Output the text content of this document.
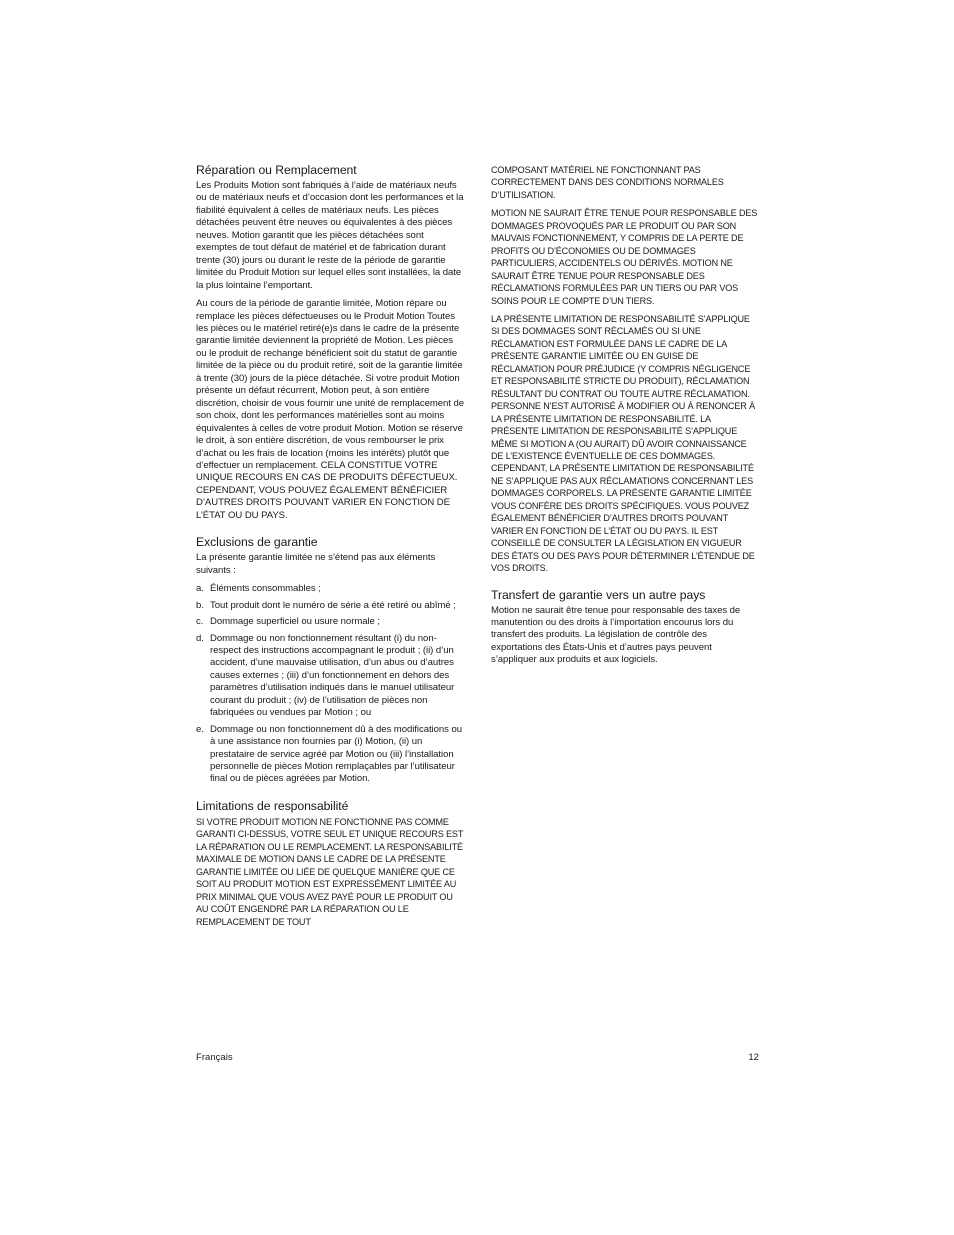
Réparation ou Remplacement

Les Produits Motion sont fabriqués à l’aide de matériaux neufs ou de matériaux neufs et d’occasion dont les performances et la fiabilité équivalent à celles de matériaux neufs. Les pièces détachées peuvent être neuves ou équivalentes à des pièces neuves. Motion garantit que les pièces détachées sont exemptes de tout défaut de matériel et de fabrication durant trente (30) jours ou durant le reste de la période de garantie limitée du Produit Motion sur lequel elles sont installées, la date la plus lointaine l’emportant.

Au cours de la période de garantie limitée, Motion répare ou remplace les pièces défectueuses ou le Produit Motion Toutes les pièces ou le matériel retiré(e)s dans le cadre de la présente garantie limitée deviennent la propriété de Motion. Les pièces ou le produit de rechange bénéficient soit du statut de garantie limitée de la pièce ou du produit retiré, soit de la garantie limitée à trente (30) jours de la pièce détachée. Si votre produit Motion présente un défaut récurrent, Motion peut, à son entière discrétion, choisir de vous fournir une unité de remplacement de son choix, dont les performances matérielles sont au moins équivalentes à celles de votre produit Motion. Motion se réserve le droit, à son entière discrétion, de vous rembourser le prix d’achat ou les frais de location (moins les intérêts) plutôt que d’effectuer un remplacement. CELA CONSTITUE VOTRE UNIQUE RECOURS EN CAS DE PRODUITS DÉFECTUEUX. CEPENDANT, VOUS POUVEZ ÉGALEMENT BÉNÉFICIER D’AUTRES DROITS POUVANT VARIER EN FONCTION DE L’ÉTAT OU DU PAYS.

Exclusions de garantie

La présente garantie limitée ne s’étend pas aux éléments suivants :

a. Éléments consommables ;
b. Tout produit dont le numéro de série a été retiré ou abîmé ;
c. Dommage superficiel ou usure normale ;
d. Dommage ou non fonctionnement résultant (i) du non-respect des instructions accompagnant le produit ; (ii) d’un accident, d’une mauvaise utilisation, d’un abus ou d’autres causes externes ; (iii) d’un fonctionnement en dehors des paramètres d’utilisation indiqués dans le manuel utilisateur courant du produit ; (iv) de l’utilisation de pièces non fabriquées ou vendues par Motion ; ou
e. Dommage ou non fonctionnement dû à des modifications ou à une assistance non fournies par (i) Motion, (ii) un prestataire de service agréé par Motion ou (iii) l’installation personnelle de pièces Motion remplaçables par l’utilisateur final ou de pièces agréées par Motion.
Limitations de responsabilité

SI VOTRE PRODUIT MOTION NE FONCTIONNE PAS COMME GARANTI CI-DESSUS, VOTRE SEUL ET UNIQUE RECOURS EST LA RÉPARATION OU LE REMPLACEMENT. LA RESPONSABILITÉ MAXIMALE DE MOTION DANS LE CADRE DE LA PRÉSENTE GARANTIE LIMITÉE OU LIÉE DE QUELQUE MANIÈRE QUE CE SOIT AU PRODUIT MOTION EST EXPRESSÉMENT LIMITÉE AU PRIX MINIMAL QUE VOUS AVEZ PAYÉ POUR LE PRODUIT OU AU COÛT ENGENDRÉ PAR LA RÉPARATION OU LE REMPLACEMENT DE TOUT

COMPOSANT MATÉRIEL NE FONCTIONNANT PAS CORRECTEMENT DANS DES CONDITIONS NORMALES D’UTILISATION.

MOTION NE SAURAIT ÊTRE TENUE POUR RESPONSABLE DES DOMMAGES PROVOQUÉS PAR LE PRODUIT OU PAR SON MAUVAIS FONCTIONNEMENT, Y COMPRIS DE LA PERTE DE PROFITS OU D’ÉCONOMIES OU DE DOMMAGES PARTICULIERS, ACCIDENTELS OU DÉRIVÉS. MOTION NE SAURAIT ÊTRE TENUE POUR RESPONSABLE DES RÉCLAMATIONS FORMULÉES PAR UN TIERS OU PAR VOS SOINS POUR LE COMPTE D’UN TIERS.

LA PRÉSENTE LIMITATION DE RESPONSABILITÉ S’APPLIQUE SI DES DOMMAGES SONT RÉCLAMÉS OU SI UNE RÉCLAMATION EST FORMULÉE DANS LE CADRE DE LA PRÉSENTE GARANTIE LIMITÉE OU EN GUISE DE RÉCLAMATION POUR PRÉJUDICE (Y COMPRIS NÉGLIGENCE ET RESPONSABILITÉ STRICTE DU PRODUIT), RÉCLAMATION RÉSULTANT DU CONTRAT OU TOUTE AUTRE RÉCLAMATION. PERSONNE N’EST AUTORISÉ À MODIFIER OU À RENONCER À LA PRÉSENTE LIMITATION DE RESPONSABILITÉ. LA PRÉSENTE LIMITATION DE RESPONSABILITÉ S’APPLIQUE MÊME SI MOTION A (OU AURAIT) DÛ AVOIR CONNAISSANCE DE L’EXISTENCE ÉVENTUELLE DE CES DOMMAGES. CEPENDANT, LA PRÉSENTE LIMITATION DE RESPONSABILITÉ NE S’APPLIQUE PAS AUX RÉCLAMATIONS CONCERNANT LES DOMMAGES CORPORELS. LA PRÉSENTE GARANTIE LIMITÉE VOUS CONFÈRE DES DROITS SPÉCIFIQUES. VOUS POUVEZ ÉGALEMENT BÉNÉFICIER D’AUTRES DROITS POUVANT VARIER EN FONCTION DE L’ÉTAT OU DU PAYS. IL EST CONSEILLÉ DE CONSULTER LA LÉGISLATION EN VIGUEUR DES ÉTATS OU DES PAYS POUR DÉTERMINER L’ÉTENDUE DE VOS DROITS.

Transfert de garantie vers un autre pays

Motion ne saurait être tenue pour responsable des taxes de manutention ou des droits à l’importation encourus lors du transfert des produits. La législation de contrôle des exportations des États-Unis et d’autres pays peuvent s’appliquer aux produits et aux logiciels.

Français	12
